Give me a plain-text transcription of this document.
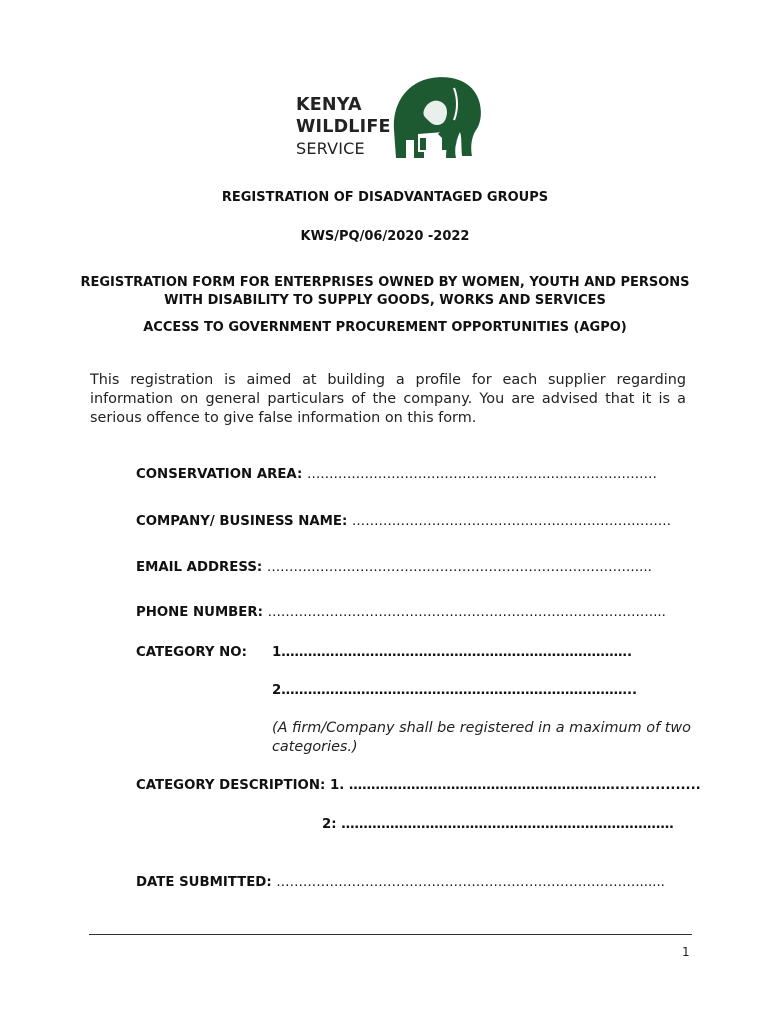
KENYA
WILDLIFE
SERVICE
REGISTRATION OF DISADVANTAGED GROUPS
KWS/PQ/06/2020 -2022
REGISTRATION FORM FOR ENTERPRISES OWNED BY WOMEN, YOUTH AND PERSONS
WITH DISABILITY TO SUPPLY GOODS, WORKS AND SERVICES
ACCESS TO GOVERNMENT PROCUREMENT OPPORTUNITIES (AGPO)

This registration is aimed at building a profile for each supplier regarding information on general particulars of the company. You are advised that it is a serious offence to give false information on this form.

CONSERVATION AREA: ……………………………………………….……………………
COMPANY/ BUSINESS NAME: ………………………………………………………………
EMAIL ADDRESS: …………………………………………………………………………...
PHONE NUMBER: ……………………………………………………………………………...
CATEGORY NO: 1…………………………………………………………………….
2……………………………………………………………………..
(A firm/Company shall be registered in a maximum of two categories.)
CATEGORY DESCRIPTION: 1. …………………………………………………….................
2: …………………………………………………………………
DATE SUBMITTED: ……………………………………………………………………….......
1
